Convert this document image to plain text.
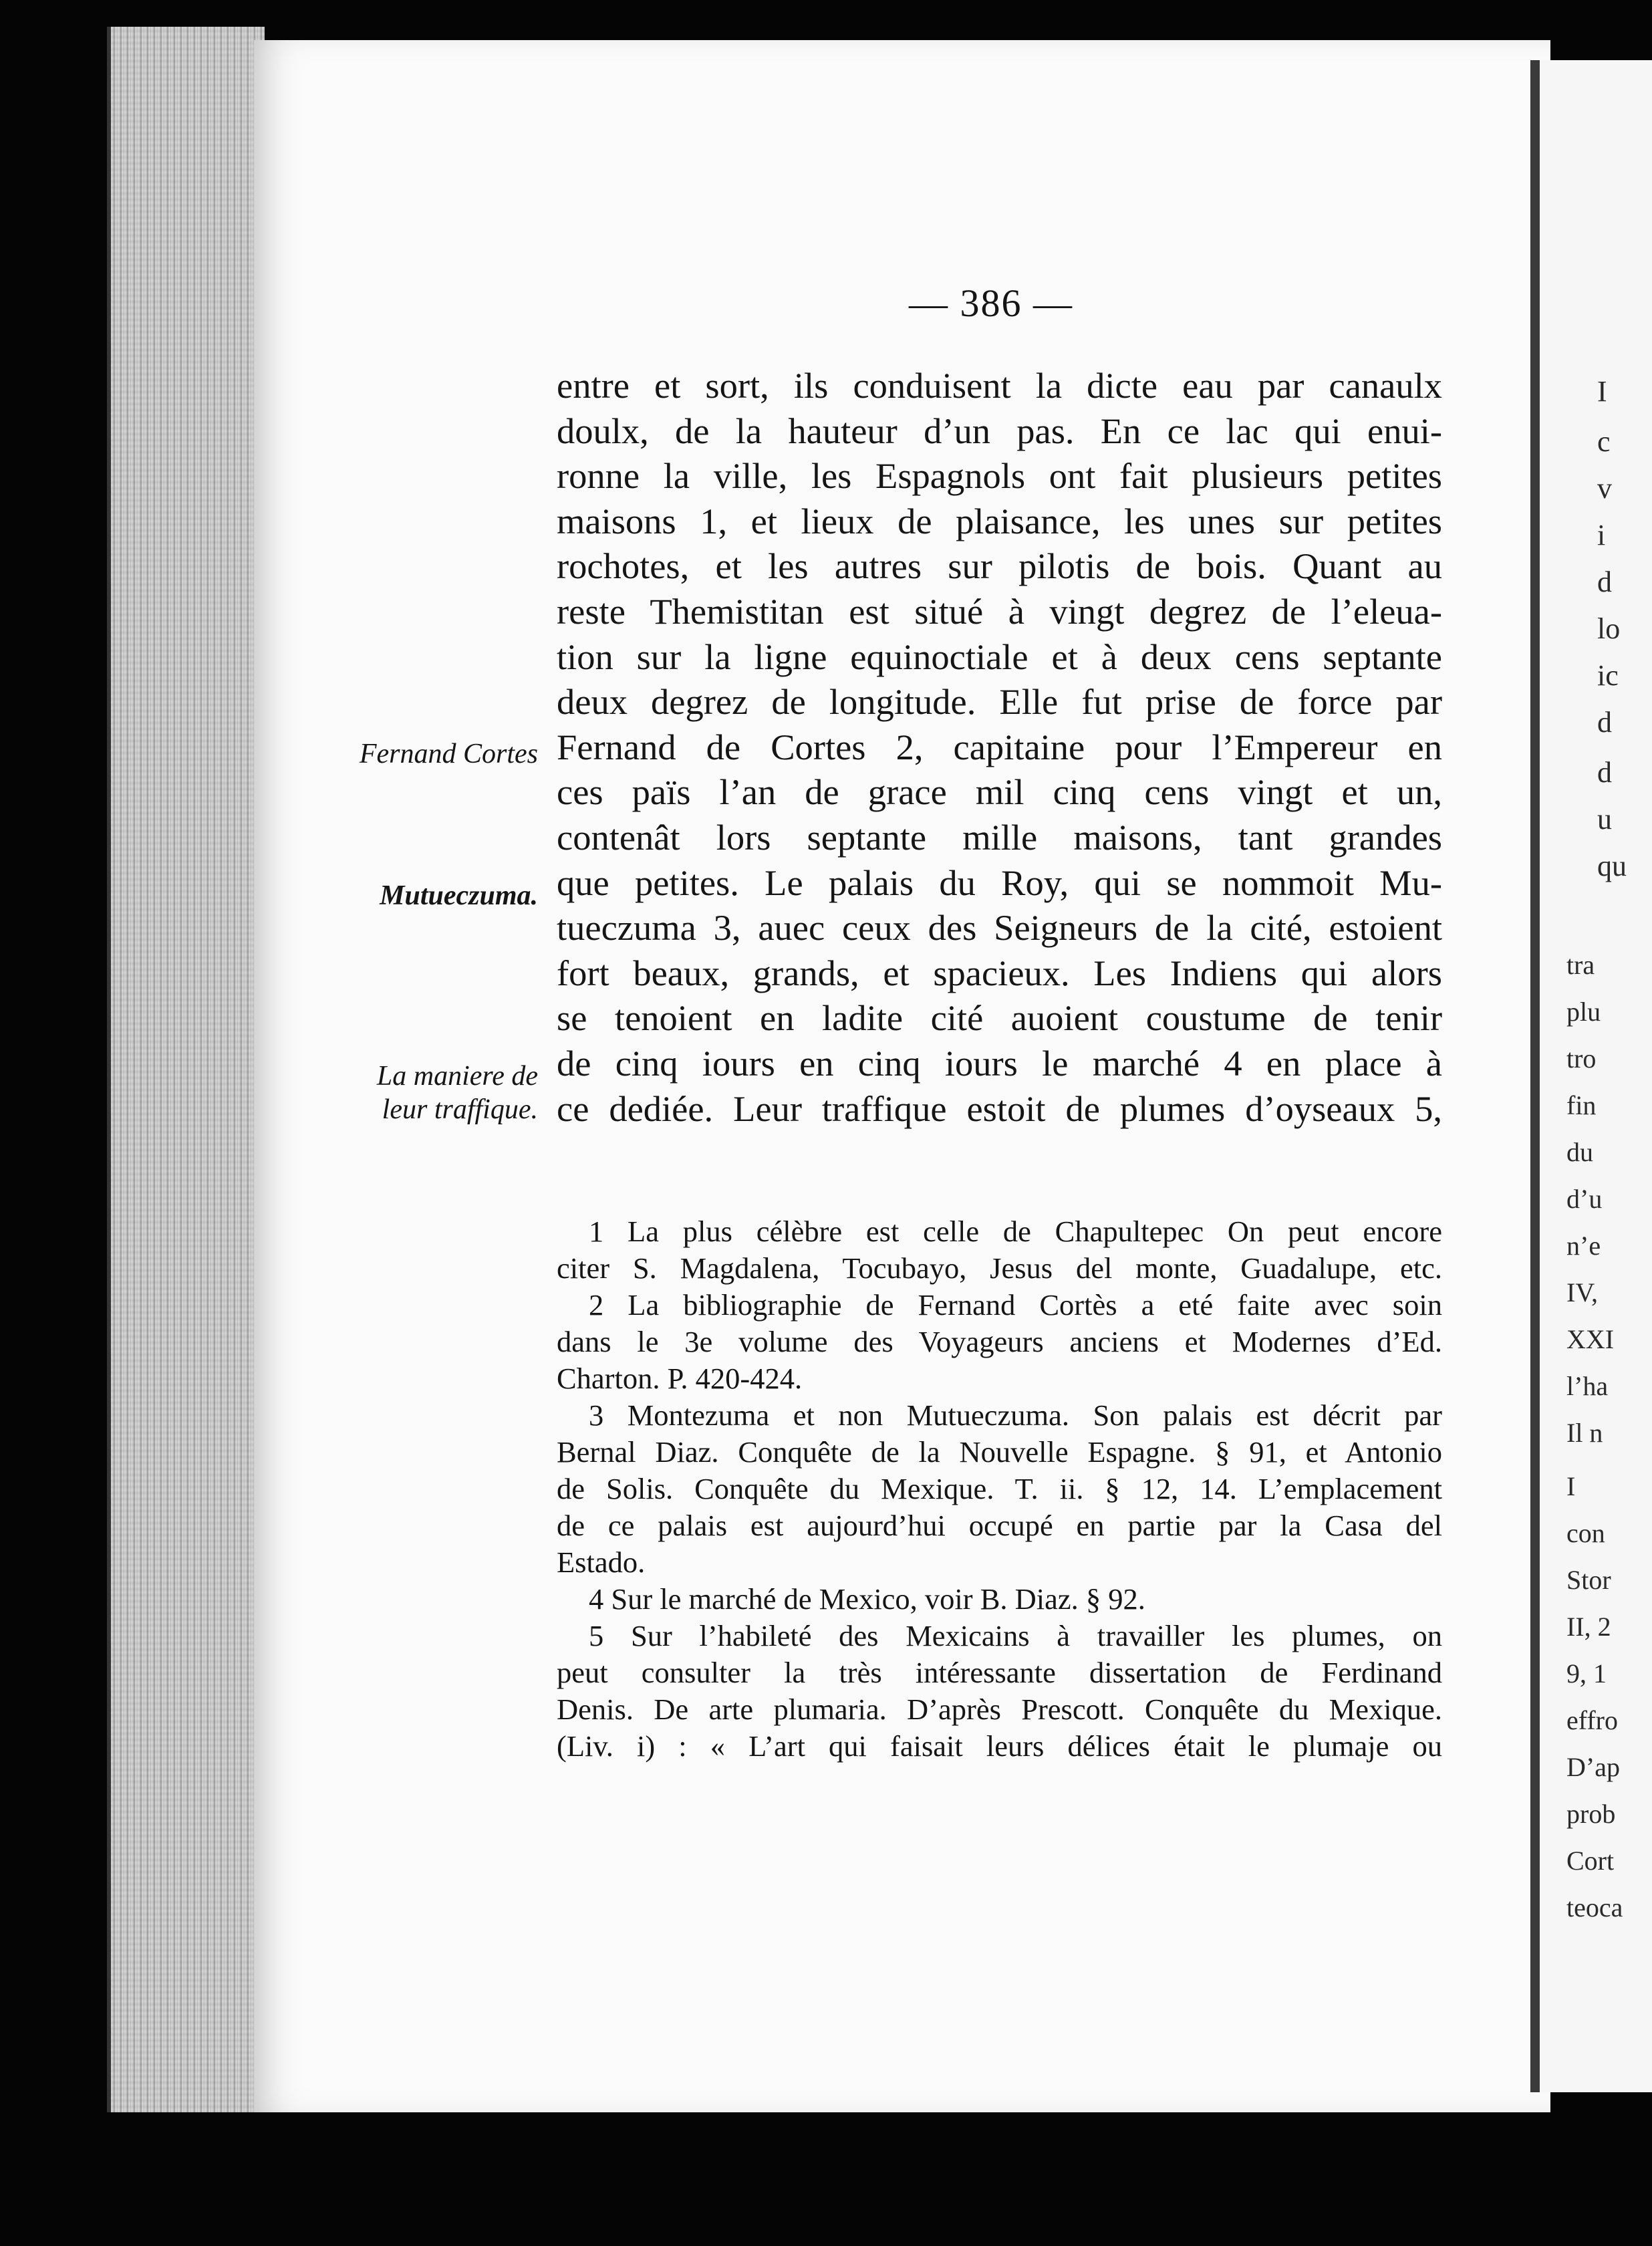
I
c
v
i
d
lo
ic
d
d
u
qu
tra
plu
tro
fin
du
d’u
n’e
IV,
XXI
l’ha
Il n
I
con
Stor
II, 2
9, 1
effro
D’ap
prob
Cort
teoca
— 386 —
entre et sort, ils conduisent la dicte eau par canaulx
doulx, de la hauteur d’un pas. En ce lac qui enui-
ronne la ville, les Espagnols ont fait plusieurs petites
maisons 1, et lieux de plaisance, les unes sur petites
rochotes, et les autres sur pilotis de bois. Quant au
reste Themistitan est situé à vingt degrez de l’eleua-
tion sur la ligne equinoctiale et à deux cens septante
deux degrez de longitude. Elle fut prise de force par
Fernand de Cortes 2, capitaine pour l’Empereur en
ces païs l’an de grace mil cinq cens vingt et un,
contenât lors septante mille maisons, tant grandes
que petites. Le palais du Roy, qui se nommoit Mu-
tueczuma 3, auec ceux des Seigneurs de la cité, estoient
fort beaux, grands, et spacieux. Les Indiens qui alors
se tenoient en ladite cité auoient coustume de tenir
de cinq iours en cinq iours le marché 4 en place à
ce dediée. Leur traffique estoit de plumes d’oyseaux 5,
Fernand Cortes
Mutueczuma.
La maniere de
leur traffique.
1 La plus célèbre est celle de Chapultepec On peut encore
citer S. Magdalena, Tocubayo, Jesus del monte, Guadalupe, etc.
2 La bibliographie de Fernand Cortès a eté faite avec soin
dans le 3e volume des Voyageurs anciens et Modernes d’Ed.
Charton. P. 420-424.
3 Montezuma et non Mutueczuma. Son palais est décrit par
Bernal Diaz. Conquête de la Nouvelle Espagne. § 91, et Antonio
de Solis. Conquête du Mexique. T. ii. § 12, 14. L’emplacement
de ce palais est aujourd’hui occupé en partie par la Casa del
Estado.
4 Sur le marché de Mexico, voir B. Diaz. § 92.
5 Sur l’habileté des Mexicains à travailler les plumes, on
peut consulter la très intéressante dissertation de Ferdinand
Denis. De arte plumaria. D’après Prescott. Conquête du Mexique.
(Liv. i) : « L’art qui faisait leurs délices était le plumaje ou
